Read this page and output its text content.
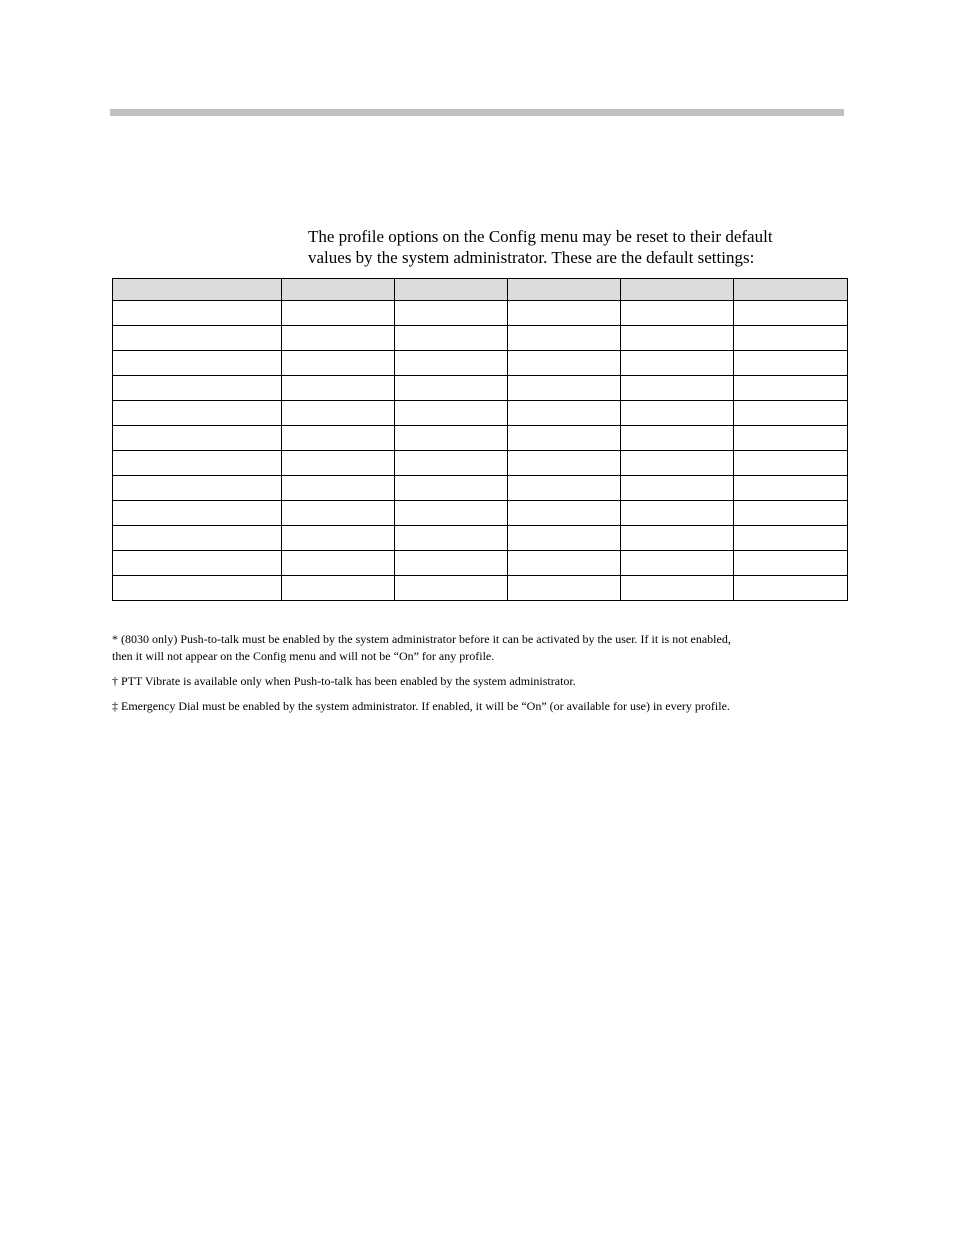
The profile options on the Config menu may be reset to their default
values by the system administrator. These are the default settings:

* (8030 only) Push-to-talk must be enabled by the system administrator before it can be activated by the user. If it is not enabled,
then it will not appear on the Config menu and will not be “On” for any profile.

† PTT Vibrate is available only when Push-to-talk has been enabled by the system administrator.

‡ Emergency Dial must be enabled by the system administrator. If enabled, it will be “On” (or available for use) in every profile.
